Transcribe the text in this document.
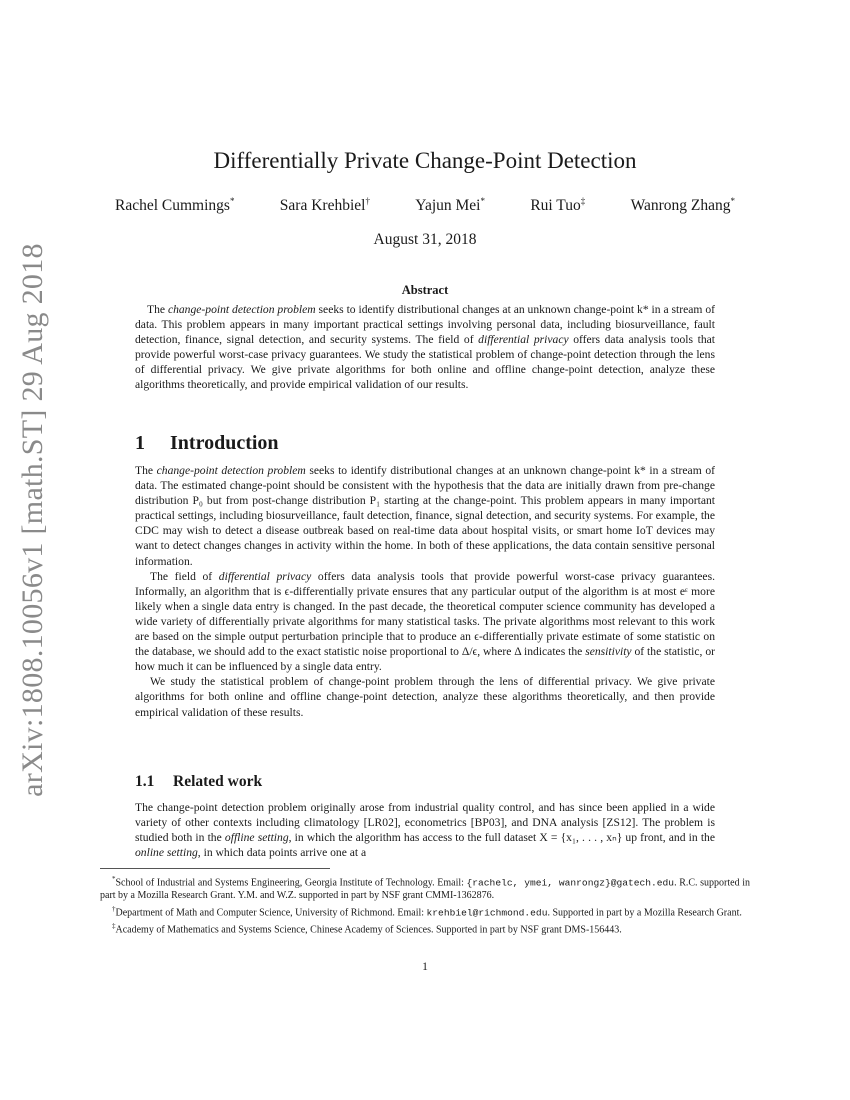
arXiv:1808.10056v1 [math.ST] 29 Aug 2018
Differentially Private Change-Point Detection
Rachel Cummings*	Sara Krehbiel†	Yajun Mei*	Rui Tuo‡	Wanrong Zhang*
August 31, 2018
Abstract
The change-point detection problem seeks to identify distributional changes at an unknown change-point k* in a stream of data. This problem appears in many important practical settings involving personal data, including biosurveillance, fault detection, finance, signal detection, and security systems. The field of differential privacy offers data analysis tools that provide powerful worst-case privacy guarantees. We study the statistical problem of change-point detection through the lens of differential privacy. We give private algorithms for both online and offline change-point detection, analyze these algorithms theoretically, and provide empirical validation of our results.
1 Introduction

The change-point detection problem seeks to identify distributional changes at an unknown change-point k* in a stream of data. The estimated change-point should be consistent with the hypothesis that the data are initially drawn from pre-change distribution P₀ but from post-change distribution P₁ starting at the change-point. This problem appears in many important practical settings, including biosurveillance, fault detection, finance, signal detection, and security systems. For example, the CDC may wish to detect a disease outbreak based on real-time data about hospital visits, or smart home IoT devices may want to detect changes changes in activity within the home. In both of these applications, the data contain sensitive personal information.

The field of differential privacy offers data analysis tools that provide powerful worst-case privacy guarantees. Informally, an algorithm that is ϵ-differentially private ensures that any particular output of the algorithm is at most eᵋ more likely when a single data entry is changed. In the past decade, the theoretical computer science community has developed a wide variety of differentially private algorithms for many statistical tasks. The private algorithms most relevant to this work are based on the simple output perturbation principle that to produce an ϵ-differentially private estimate of some statistic on the database, we should add to the exact statistic noise proportional to Δ/ϵ, where Δ indicates the sensitivity of the statistic, or how much it can be influenced by a single data entry.

We study the statistical problem of change-point problem through the lens of differential privacy. We give private algorithms for both online and offline change-point detection, analyze these algorithms theoretically, and then provide empirical validation of these results.

1.1 Related work

The change-point detection problem originally arose from industrial quality control, and has since been applied in a wide variety of other contexts including climatology [LR02], econometrics [BP03], and DNA analysis [ZS12]. The problem is studied both in the offline setting, in which the algorithm has access to the full dataset X = {x₁, . . . , xₙ} up front, and in the online setting, in which data points arrive one at a

*School of Industrial and Systems Engineering, Georgia Institute of Technology. Email: {rachelc, ymei, wanrongz}@gatech.edu. R.C. supported in part by a Mozilla Research Grant. Y.M. and W.Z. supported in part by NSF grant CMMI-1362876.

†Department of Math and Computer Science, University of Richmond. Email: krehbiel@richmond.edu. Supported in part by a Mozilla Research Grant.

‡Academy of Mathematics and Systems Science, Chinese Academy of Sciences. Supported in part by NSF grant DMS-156443.

1
